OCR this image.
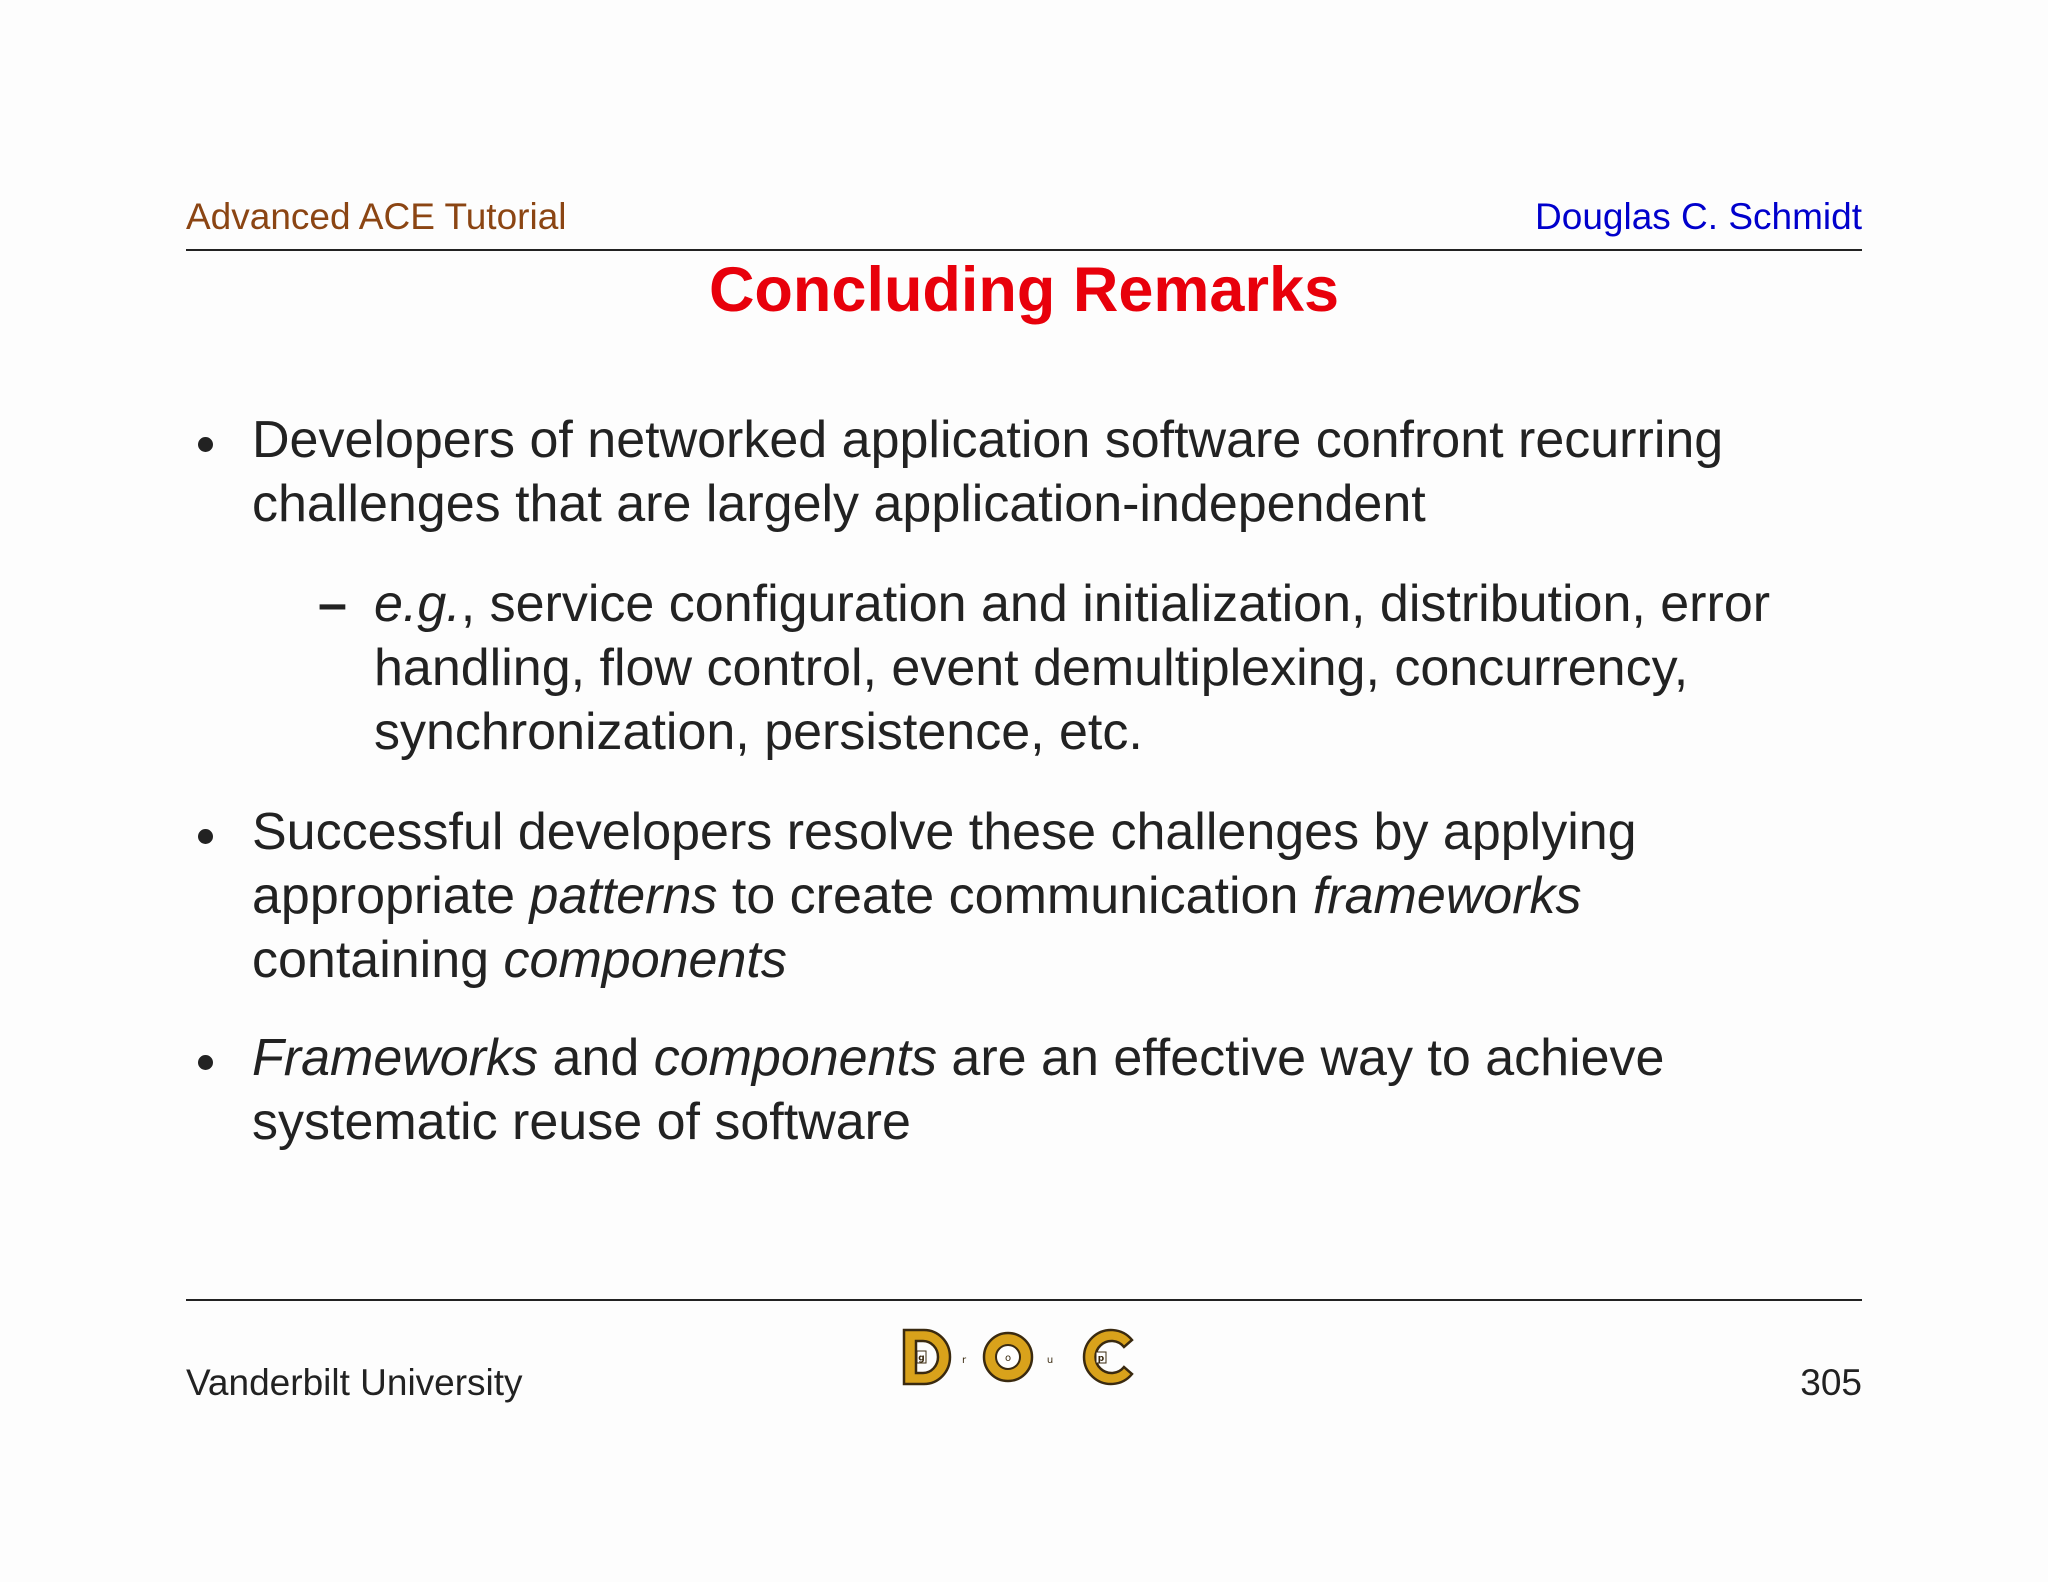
Advanced ACE Tutorial	Douglas C. Schmidt
Concluding Remarks
Developers of networked application software confront recurring
challenges that are largely application-independent
– e.g., service configuration and initialization, distribution, error
handling, flow control, event demultiplexing, concurrency,
synchronization, persistence, etc.
Successful developers resolve these challenges by applying
appropriate patterns to create communication frameworks
containing components
Frameworks and components are an effective way to achieve
systematic reuse of software
Vanderbilt University
g	r	o	u	p
305
